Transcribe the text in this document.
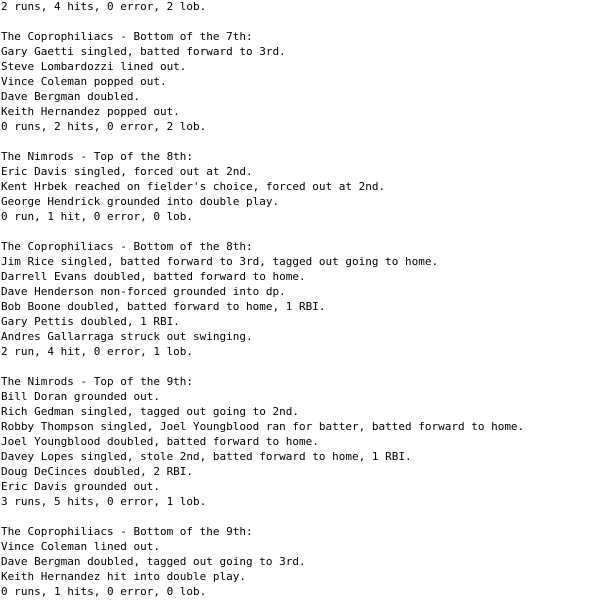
2 runs, 4 hits, 0 error, 2 lob.
The Coprophiliacs - Bottom of the 7th:
Gary Gaetti singled, batted forward to 3rd.
Steve Lombardozzi lined out.
Vince Coleman popped out.
Dave Bergman doubled.
Keith Hernandez popped out.
0 runs, 2 hits, 0 error, 2 lob.
The Nimrods - Top of the 8th:
Eric Davis singled, forced out at 2nd.
Kent Hrbek reached on fielder's choice, forced out at 2nd.
George Hendrick grounded into double play.
0 run, 1 hit, 0 error, 0 lob.
The Coprophiliacs - Bottom of the 8th:
Jim Rice singled, batted forward to 3rd, tagged out going to home.
Darrell Evans doubled, batted forward to home.
Dave Henderson non-forced grounded into dp.
Bob Boone doubled, batted forward to home, 1 RBI.
Gary Pettis doubled, 1 RBI.
Andres Gallarraga struck out swinging.
2 run, 4 hit, 0 error, 1 lob.
The Nimrods - Top of the 9th:
Bill Doran grounded out.
Rich Gedman singled, tagged out going to 2nd.
Robby Thompson singled, Joel Youngblood ran for batter, batted forward to home.
Joel Youngblood doubled, batted forward to home.
Davey Lopes singled, stole 2nd, batted forward to home, 1 RBI.
Doug DeCinces doubled, 2 RBI.
Eric Davis grounded out.
3 runs, 5 hits, 0 error, 1 lob.
The Coprophiliacs - Bottom of the 9th:
Vince Coleman lined out.
Dave Bergman doubled, tagged out going to 3rd.
Keith Hernandez hit into double play.
0 runs, 1 hits, 0 error, 0 lob.
